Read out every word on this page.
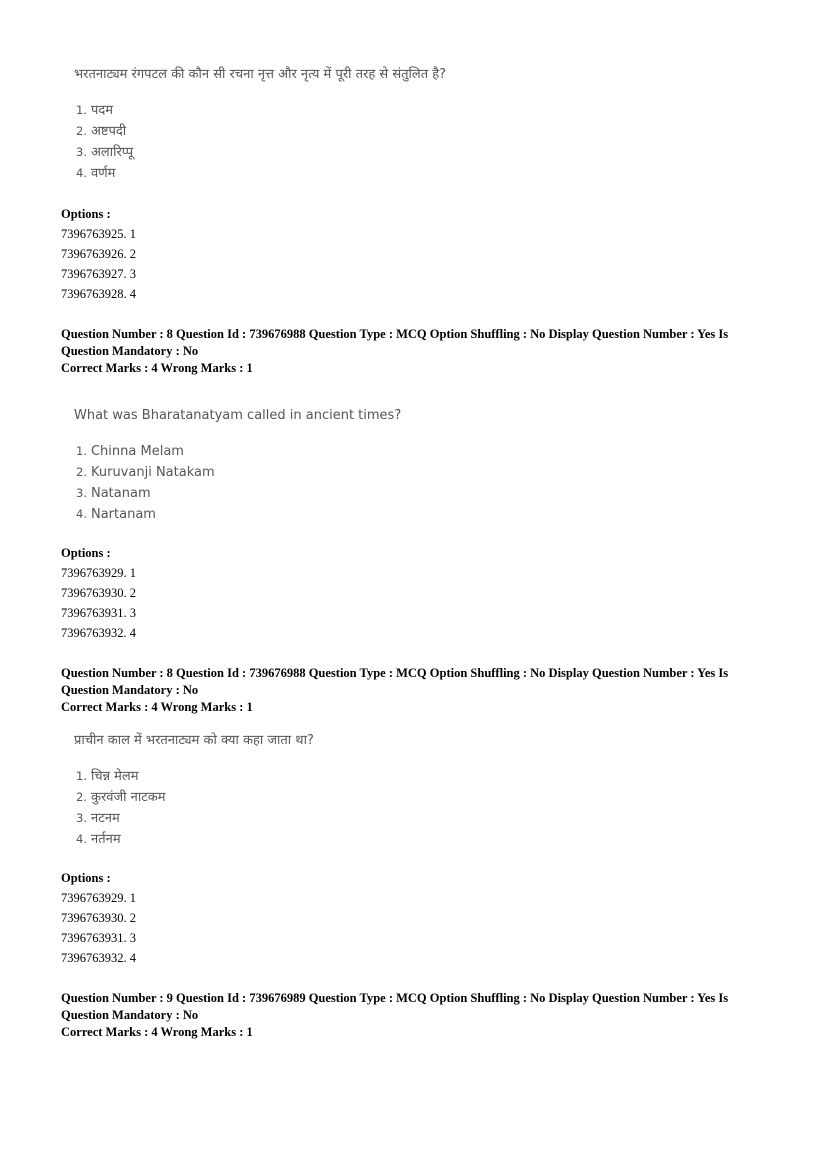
भरतनाट्यम रंगपटल की कौन सी रचना नृत्त और नृत्य में पूरी तरह से संतुलित है?
1. पदम
2. अष्टपदी
3. अलारिप्पू
4. वर्णम
Options :
7396763925. 1
7396763926. 2
7396763927. 3
7396763928. 4
Question Number : 8 Question Id : 739676988 Question Type : MCQ Option Shuffling : No Display Question Number : Yes Is
Question Mandatory : No
Correct Marks : 4 Wrong Marks : 1
What was Bharatanatyam called in ancient times?
1. Chinna Melam
2. Kuruvanji Natakam
3. Natanam
4. Nartanam
Options :
7396763929. 1
7396763930. 2
7396763931. 3
7396763932. 4
Question Number : 8 Question Id : 739676988 Question Type : MCQ Option Shuffling : No Display Question Number : Yes Is
Question Mandatory : No
Correct Marks : 4 Wrong Marks : 1
प्राचीन काल में भरतनाट्यम को क्या कहा जाता था?
1. चिन्न मेलम
2. कुरवंजी नाटकम
3. नटनम
4. नर्तनम
Options :
7396763929. 1
7396763930. 2
7396763931. 3
7396763932. 4
Question Number : 9 Question Id : 739676989 Question Type : MCQ Option Shuffling : No Display Question Number : Yes Is
Question Mandatory : No
Correct Marks : 4 Wrong Marks : 1
